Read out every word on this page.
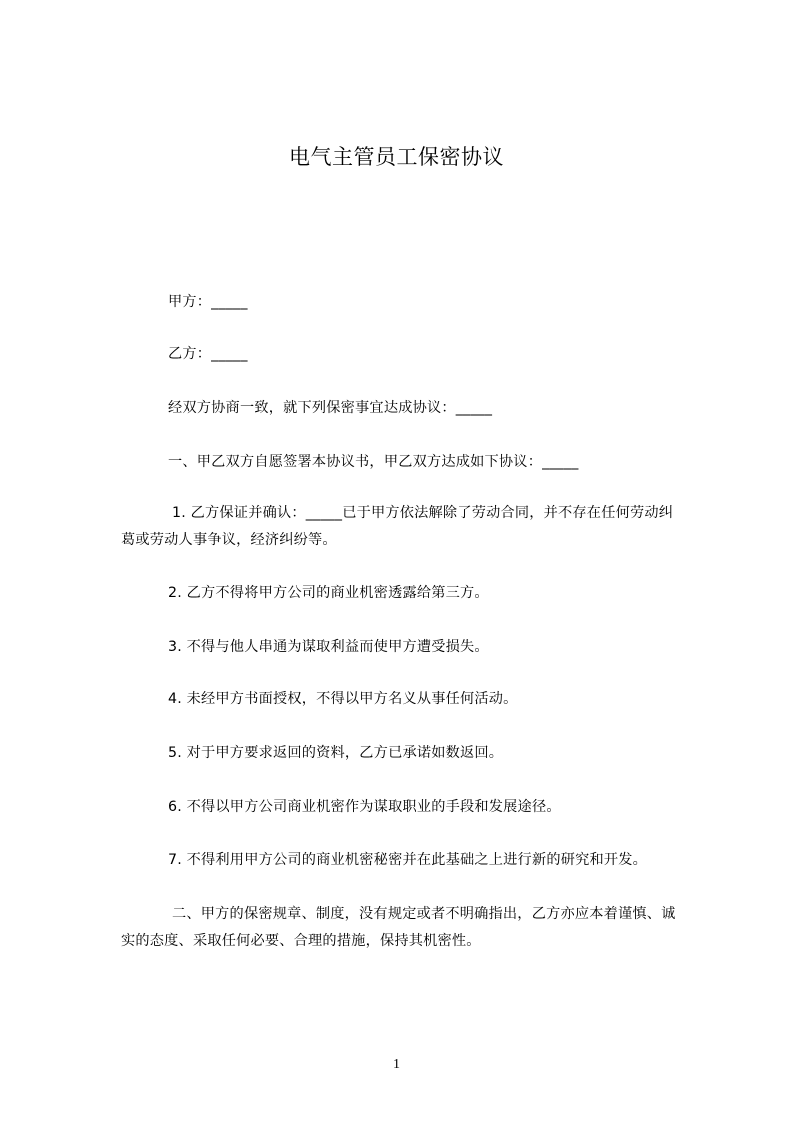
电气主管员工保密协议
甲方：_____
乙方：_____
经双方协商一致，就下列保密事宜达成协议：_____
一、甲乙双方自愿签署本协议书，甲乙双方达成如下协议：_____
1. 乙方保证并确认：_____已于甲方依法解除了劳动合同，并不存在任何劳动纠葛或劳动人事争议，经济纠纷等。
2. 乙方不得将甲方公司的商业机密透露给第三方。
3. 不得与他人串通为谋取利益而使甲方遭受损失。
4. 未经甲方书面授权，不得以甲方名义从事任何活动。
5. 对于甲方要求返回的资料，乙方已承诺如数返回。
6. 不得以甲方公司商业机密作为谋取职业的手段和发展途径。
7. 不得利用甲方公司的商业机密秘密并在此基础之上进行新的研究和开发。
二、甲方的保密规章、制度，没有规定或者不明确指出，乙方亦应本着谨慎、诚实的态度、采取任何必要、合理的措施，保持其机密性。
1
